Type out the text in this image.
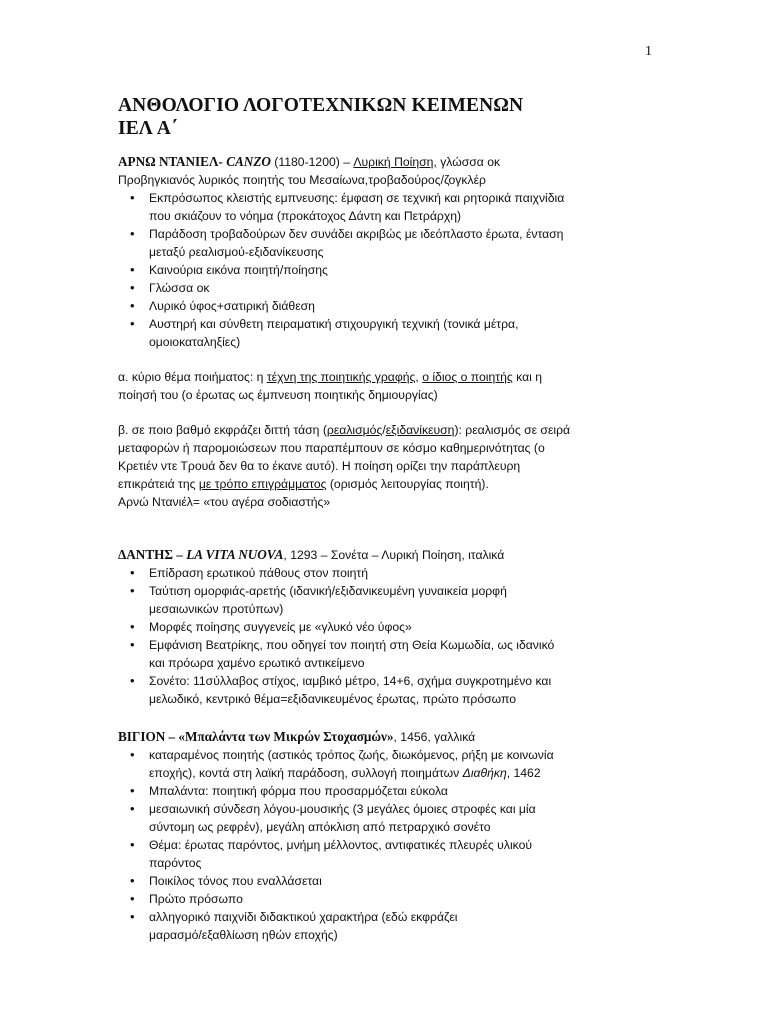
1
ΑΝΘΟΛΟΓΙΟ ΛΟΓΟΤΕΧΝΙΚΩΝ ΚΕΙΜΕΝΩΝ
ΙΕΛ Α΄
ΑΡΝΩ ΝΤΑΝΙΕΛ- CANZO (1180-1200) – Λυρική Ποίηση, γλώσσα οκ
Προβηγκιανός λυρικός ποιητής του Μεσαίωνα,τροβαδούρος/ζογκλέρ
• Εκπρόσωπος κλειστής εμπνευσης: έμφαση σε τεχνική και ρητορικά παιχνίδια
που σκιάζουν το νόημα (προκάτοχος Δάντη και Πετράρχη)
• Παράδοση τροβαδούρων δεν συνάδει ακριβώς με ιδεόπλαστο έρωτα, ένταση
μεταξύ ρεαλισμού-εξιδανίκευσης
• Καινούρια εικόνα ποιητή/ποίησης
• Γλώσσα οκ
• Λυρικό ύφος+σατιρική διάθεση
• Αυστηρή και σύνθετη πειραματική στιχουργική τεχνική (τονικά μέτρα,
ομοιοκαταληξίες)
α. κύριο θέμα ποιήματος: η τέχνη της ποιητικής γραφής, ο ίδιος ο ποιητής και η
ποίησή του (ο έρωτας ως έμπνευση ποιητικής δημιουργίας)
β. σε ποιο βαθμό εκφράζει διττή τάση (ρεαλισμός/εξιδανίκευση): ρεαλισμός σε σειρά
μεταφορών ή παρομοιώσεων που παραπέμπουν σε κόσμο καθημερινότητας (ο
Κρετιέν ντε Τρουά δεν θα το έκανε αυτό). Η ποίηση ορίζει την παράπλευρη
επικράτειά της με τρόπο επιγράμματος (ορισμός λειτουργίας ποιητή).
Αρνώ Ντανιέλ= «του αγέρα σοδιαστής»
ΔΑΝΤΗΣ – LA VITA NUOVA, 1293 – Σονέτα – Λυρική Ποίηση, ιταλικά
• Επίδραση ερωτικού πάθους στον ποιητή
• Ταύτιση ομορφιάς-αρετής (ιδανική/εξιδανικευμένη γυναικεία μορφή
μεσαιωνικών προτύπων)
• Μορφές ποίησης συγγενείς με «γλυκό νέο ύφος»
• Εμφάνιση Βεατρίκης, που οδηγεί τον ποιητή στη Θεία Κωμωδία, ως ιδανικό
και πρόωρα χαμένο ερωτικό αντικείμενο
• Σονέτο: 11σύλλαβος στίχος, ιαμβικό μέτρο, 14+6, σχήμα συγκροτημένο και
μελωδικό, κεντρικό θέμα=εξιδανικευμένος έρωτας, πρώτο πρόσωπο
ΒΙΓΙΟΝ – «Μπαλάντα των Μικρών Στοχασμών», 1456, γαλλικά
• καταραμένος ποιητής (αστικός τρόπος ζωής, διωκόμενος, ρήξη με κοινωνία
εποχής), κοντά στη λαϊκή παράδοση, συλλογή ποιημάτων Διαθήκη, 1462
• Μπαλάντα: ποιητική φόρμα που προσαρμόζεται εύκολα
• μεσαιωνική σύνδεση λόγου-μουσικής (3 μεγάλες όμοιες στροφές και μία
σύντομη ως ρεφρέν), μεγάλη απόκλιση από πετραρχικό σονέτο
• Θέμα: έρωτας παρόντος, μνήμη μέλλοντος, αντιφατικές πλευρές υλικού
παρόντος
• Ποικίλος τόνος που εναλλάσεται
• Πρώτο πρόσωπο
• αλληγορικό παιχνίδι διδακτικού χαρακτήρα (εδώ εκφράζει
μαρασμό/εξαθλίωση ηθών εποχής)
